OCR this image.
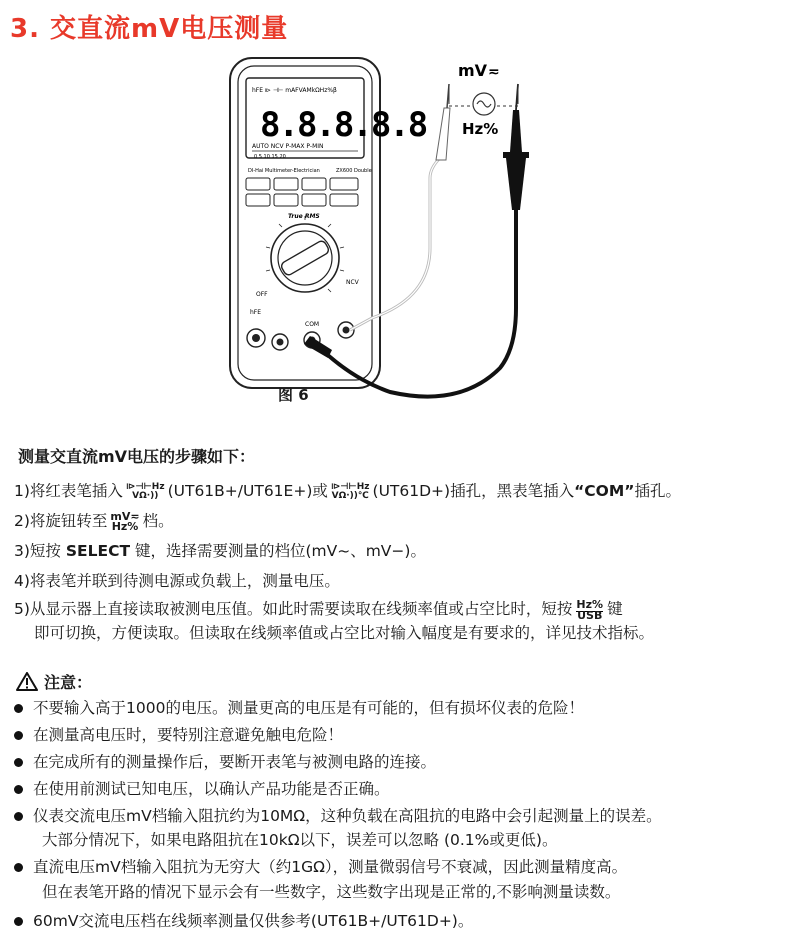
3. 交直流mV电压测量
hFE ⧐ ⊣⊢ mAFVAMkΩHz%β
8.8.8.8.8
AUTO NCV P-MAX P-MIN
0 5 10 15 20
DI-Hai Multimeter-Electrician	ZX600 Double
True RMS
OFF
NCV
hFE
COM
mV ≂
Hz%
图 6
测量交直流mV电压的步骤如下：
1)将红表笔插入 ⧐⊣⊢Hz
VΩ·)) (UT61B+/UT61E+)或 ⧐⊣⊢Hz
VΩ·))℃ (UT61D+)插孔，黑表笔插入“COM”插孔。
2)将旋钮转至 mV≂
Hz% 档。
3)短按 SELECT 键，选择需要测量的档位(mV~、mV−)。
4)将表笔并联到待测电源或负载上，测量电压。
5)从显示器上直接读取被测电压值。如此时需要读取在线频率值或占空比时，短按 Hz%
USB 键
即可切换，方便读取。但读取在线频率值或占空比对输入幅度是有要求的，详见技术指标。
注意：
不要输入高于1000的电压。测量更高的电压是有可能的，但有损坏仪表的危险！
在测量高电压时，要特别注意避免触电危险！
在完成所有的测量操作后，要断开表笔与被测电路的连接。
在使用前测试已知电压，以确认产品功能是否正确。
仪表交流电压mV档输入阻抗约为10MΩ，这种负载在高阻抗的电路中会引起测量上的误差。
大部分情况下，如果电路阻抗在10kΩ以下，误差可以忽略 (0.1%或更低)。
直流电压mV档输入阻抗为无穷大（约1GΩ），测量微弱信号不衰减，因此测量精度高。
但在表笔开路的情况下显示会有一些数字，这些数字出现是正常的,不影响测量读数。
60mV交流电压档在线频率测量仅供参考(UT61B+/UT61D+)。
